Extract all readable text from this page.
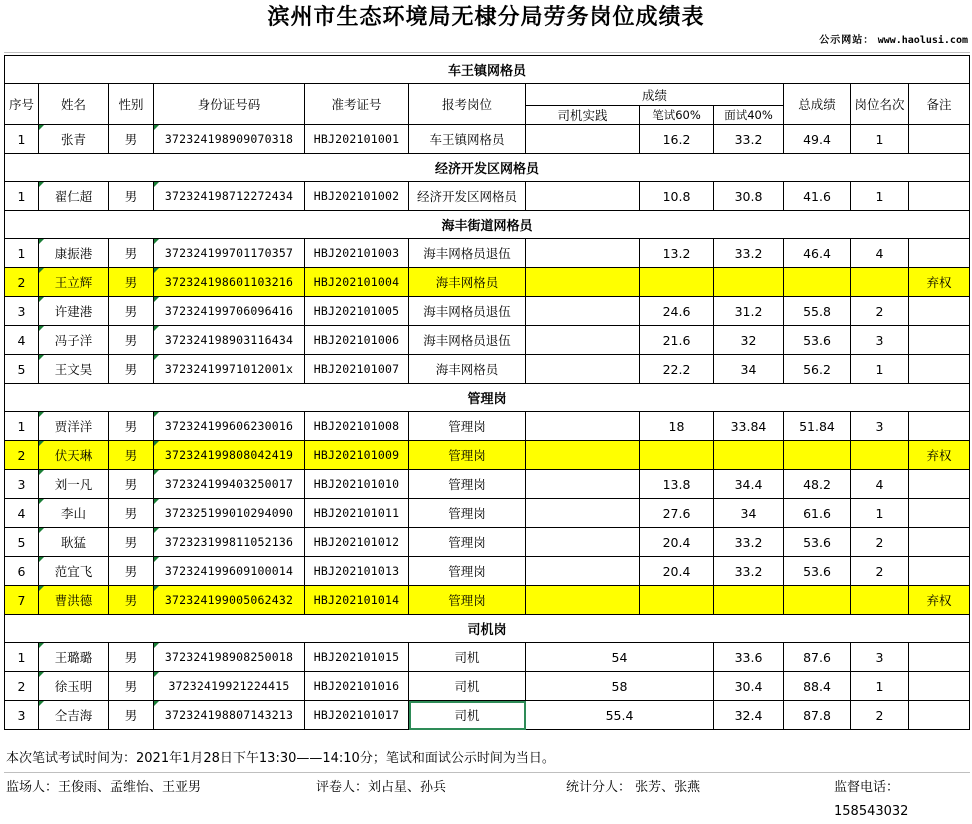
滨州市生态环境局无棣分局劳务岗位成绩表
公示网站： www.haolusi.com
车王镇网格员											
序号	姓名	性别	身份证号码	准考证号	报考岗位	成绩			总成绩	岗位名次	备注
						司机实践	笔试60%	面试40%			
1	张青	男	372324198909070318	HBJ202101001	车王镇网格员		16.2	33.2	49.4	1	
经济开发区网格员											
1	翟仁超	男	372324198712272434	HBJ202101002	经济开发区网格员		10.8	30.8	41.6	1	
海丰街道网格员											
1	康振港	男	372324199701170357	HBJ202101003	海丰网格员退伍		13.2	33.2	46.4	4	
2	王立辉	男	372324198601103216	HBJ202101004	海丰网格员						弃权
3	许建港	男	372324199706096416	HBJ202101005	海丰网格员退伍		24.6	31.2	55.8	2	
4	冯子洋	男	372324198903116434	HBJ202101006	海丰网格员退伍		21.6	32	53.6	3	
5	王文昊	男	37232419971012001x	HBJ202101007	海丰网格员		22.2	34	56.2	1	
管理岗											
1	贾洋洋	男	372324199606230016	HBJ202101008	管理岗		18	33.84	51.84	3	
2	伏天琳	男	372324199808042419	HBJ202101009	管理岗						弃权
3	刘一凡	男	372324199403250017	HBJ202101010	管理岗		13.8	34.4	48.2	4	
4	李山	男	372325199010294090	HBJ202101011	管理岗		27.6	34	61.6	1	
5	耿猛	男	372323199811052136	HBJ202101012	管理岗		20.4	33.2	53.6	2	
6	范宜飞	男	372324199609100014	HBJ202101013	管理岗		20.4	33.2	53.6	2	
7	曹洪德	男	372324199005062432	HBJ202101014	管理岗						弃权
司机岗											
1	王璐璐	男	372324198908250018	HBJ202101015	司机	54		33.6	87.6	3	
2	徐玉明	男	37232419921224415	HBJ202101016	司机	58		30.4	88.4	1	
3	仝吉海	男	372324198807143213	HBJ202101017	司机	55.4		32.4	87.8	2	
本次笔试考试时间为：2021年1月28日下午13:30——14:10分；笔试和面试公示时间为当日。
监场人：王俊雨、孟维怡、王亚男	评卷人：刘占星、孙兵	统计分人： 张芳、张燕	监督电话：158543032
